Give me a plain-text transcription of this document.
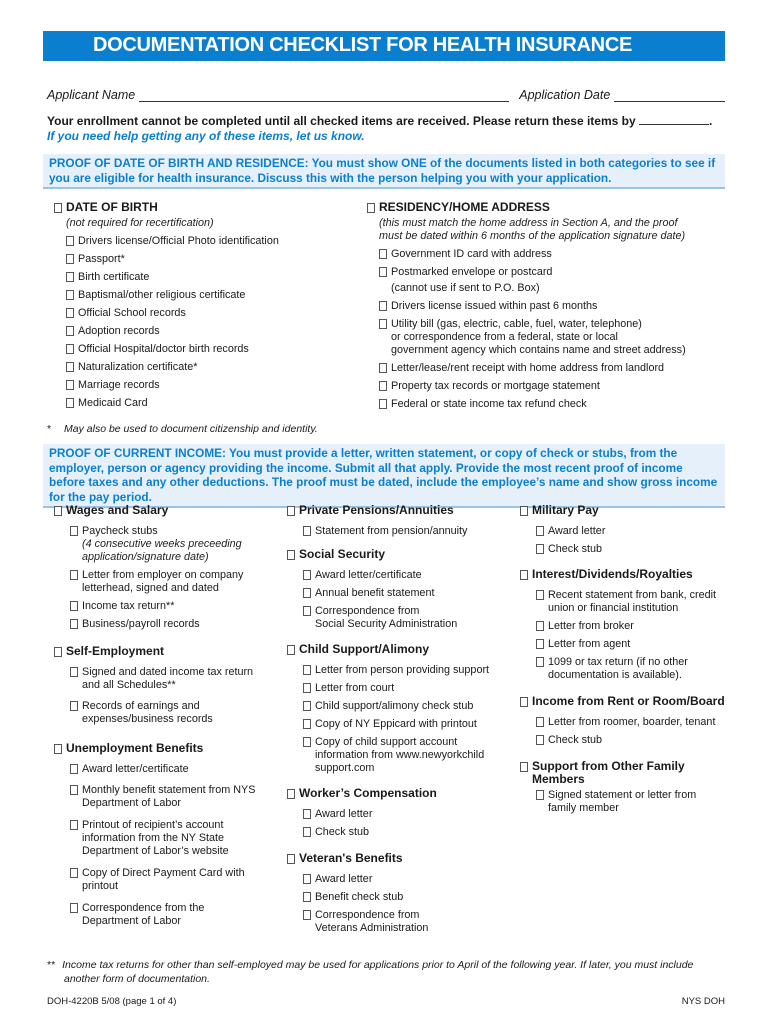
DOCUMENTATION CHECKLIST FOR HEALTH INSURANCE
Applicant Name	Application Date
Your enrollment cannot be completed until all checked items are received. Please return these items by	.
If you need help getting any of these items, let us know.
PROOF OF DATE OF BIRTH AND RESIDENCE: You must show ONE of the documents listed in both categories to see if you are eligible for health insurance. Discuss this with the person helping you with your application.
DATE OF BIRTH
(not required for recertification)
Drivers license/Official Photo identification
Passport*
Birth certificate
Baptismal/other religious certificate
Official School records
Adoption records
Official Hospital/doctor birth records
Naturalization certificate*
Marriage records
Medicaid Card
RESIDENCY/HOME ADDRESS
(this must match the home address in Section A, and the proof
must be dated within 6 months of the application signature date)
Government ID card with address
Postmarked envelope or postcard
(cannot use if sent to P.O. Box)
Drivers license issued within past 6 months
Utility bill (gas, electric, cable, fuel, water, telephone)
or correspondence from a federal, state or local
government agency which contains name and street address)
Letter/lease/rent receipt with home address from landlord
Property tax records or mortgage statement
Federal or state income tax refund check
* May also be used to document citizenship and identity.
PROOF OF CURRENT INCOME: You must provide a letter, written statement, or copy of check or stubs, from the employer, person or agency providing the income. Submit all that apply. Provide the most recent proof of income before taxes and any other deductions. The proof must be dated, include the employee’s name and show gross income for the pay period.
Wages and Salary
Paycheck stubs
(4 consecutive weeks preceeding
application/signature date)
Letter from employer on company
letterhead, signed and dated
Income tax return**
Business/payroll records
Self-Employment
Signed and dated income tax return
and all Schedules**
Records of earnings and
expenses/business records
Unemployment Benefits
Award letter/certificate
Monthly benefit statement from NYS
Department of Labor
Printout of recipient’s account
information from the NY State
Department of Labor’s website
Copy of Direct Payment Card with
printout
Correspondence from the
Department of Labor
Private Pensions/Annuities
Statement from pension/annuity
Social Security
Award letter/certificate
Annual benefit statement
Correspondence from
Social Security Administration
Child Support/Alimony
Letter from person providing support
Letter from court
Child support/alimony check stub
Copy of NY Eppicard with printout
Copy of child support account
information from www.newyorkchild
support.com
Worker’s Compensation
Award letter
Check stub
Veteran's Benefits
Award letter
Benefit check stub
Correspondence from
Veterans Administration
Military Pay
Award letter
Check stub
Interest/Dividends/Royalties
Recent statement from bank, credit
union or financial institution
Letter from broker
Letter from agent
1099 or tax return (if no other
documentation is available).
Income from Rent or Room/Board
Letter from roomer, boarder, tenant
Check stub
Support from Other Family
Members
Signed statement or letter from
family member
** Income tax returns for other than self-employed may be used for applications prior to April of the following year. If later, you must include
another form of documentation.
DOH-4220B 5/08 (page 1 of 4)	NYS DOH
